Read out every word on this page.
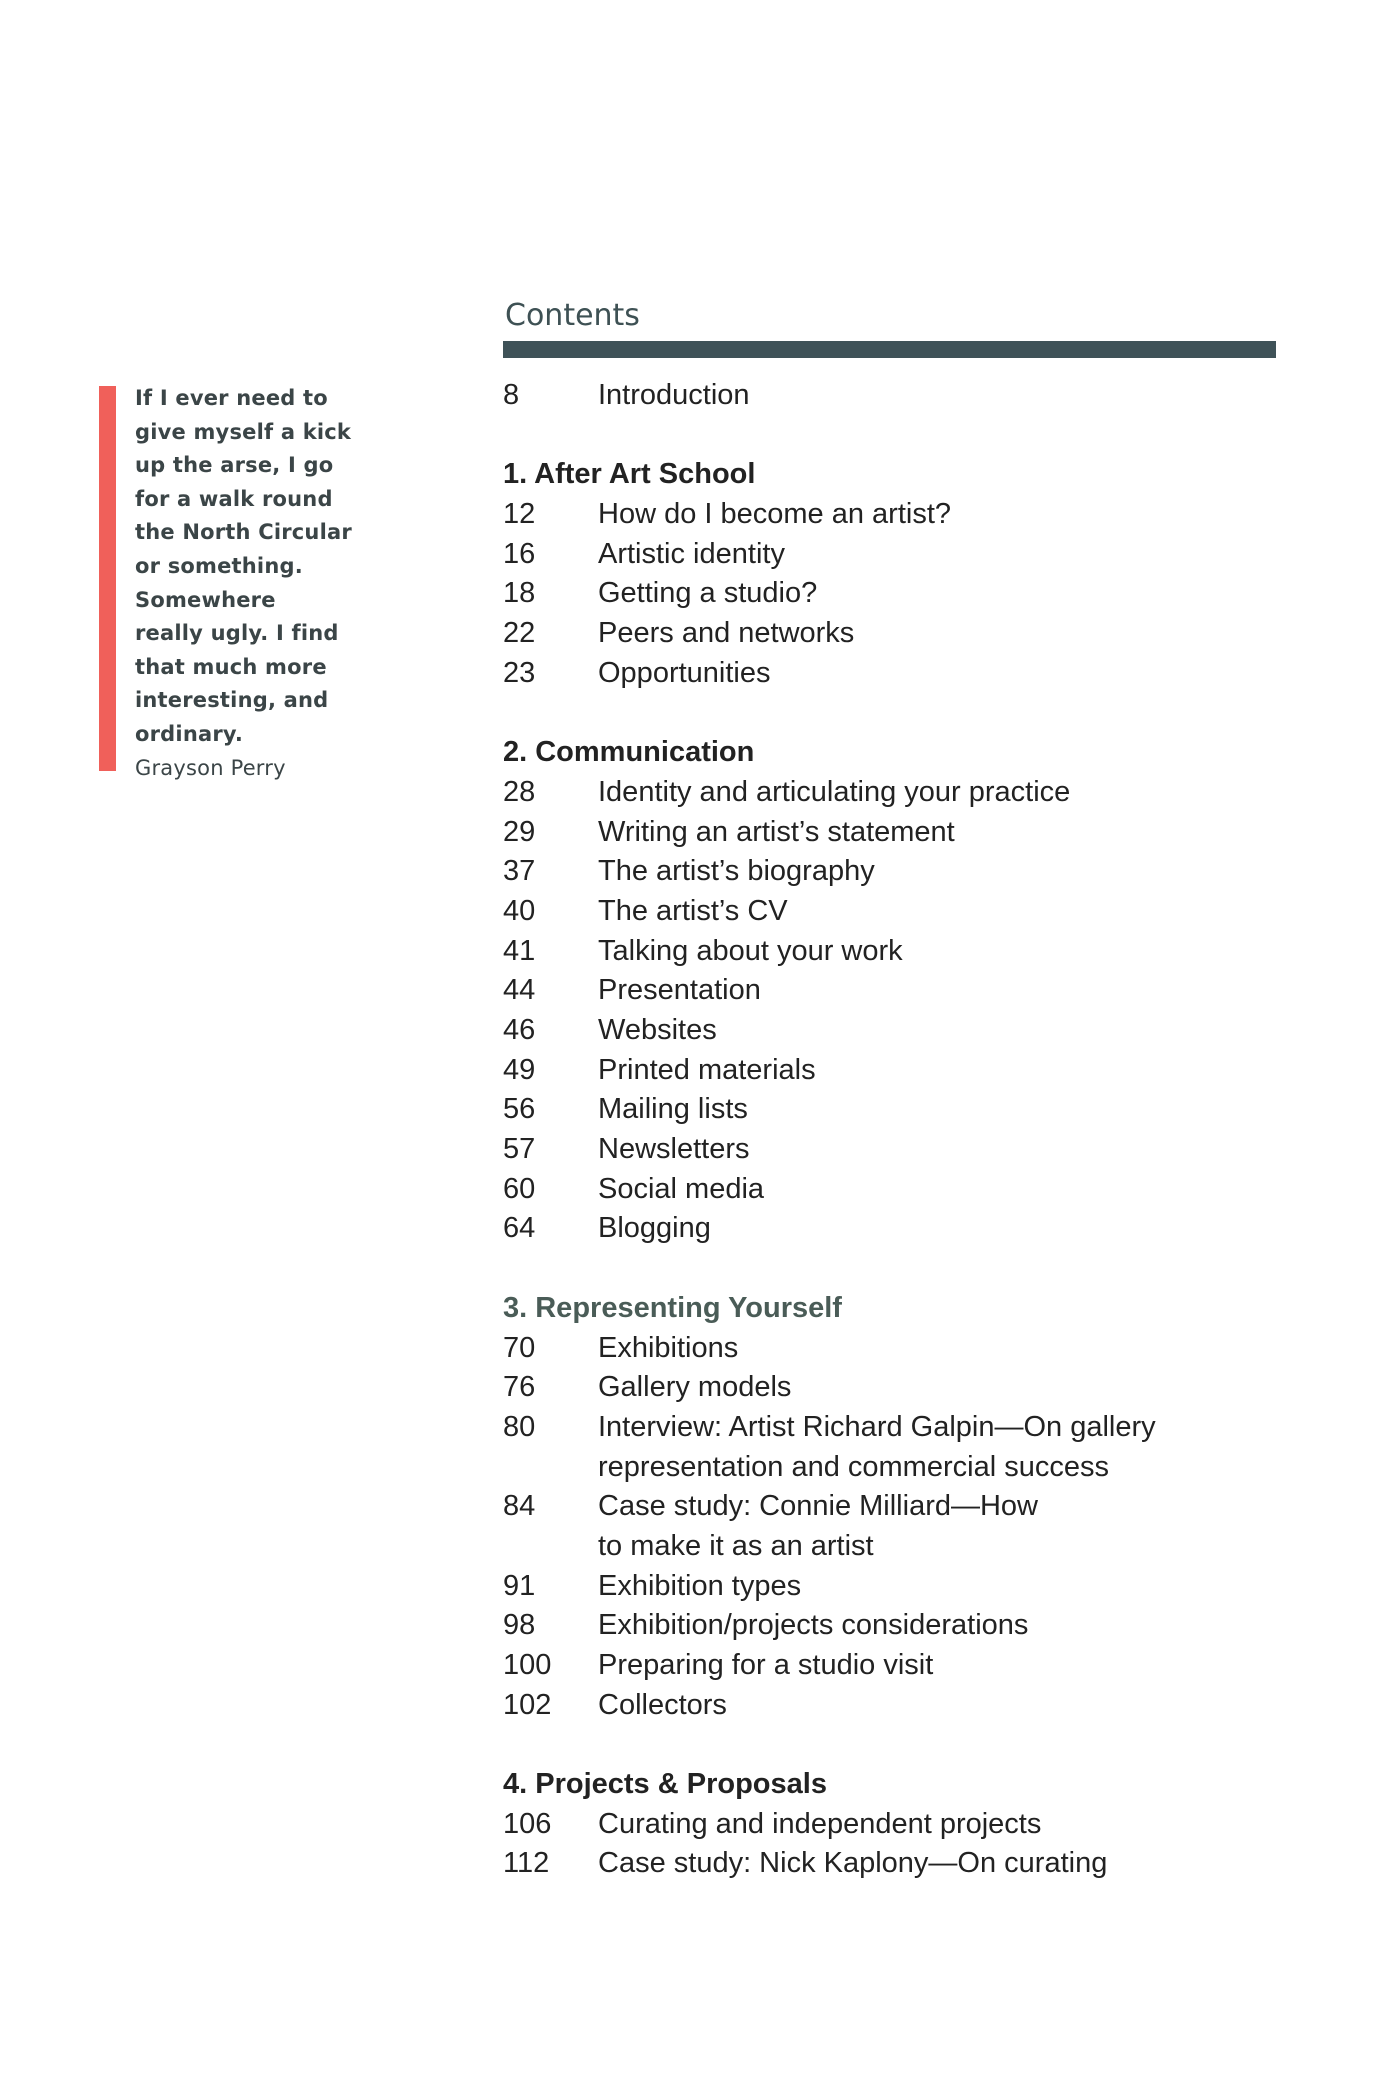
If I ever need to
give myself a kick
up the arse, I go
for a walk round
the North Circular
or something.
Somewhere
really ugly. I find
that much more
interesting, and
ordinary.
Grayson Perry
Contents
8	Introduction
1. After Art School
12	How do I become an artist?
16	Artistic identity
18	Getting a studio?
22	Peers and networks
23	Opportunities
2. Communication
28	Identity and articulating your practice
29	Writing an artist’s statement
37	The artist’s biography
40	The artist’s CV
41	Talking about your work
44	Presentation
46	Websites
49	Printed materials
56	Mailing lists
57	Newsletters
60	Social media
64	Blogging
3. Representing Yourself
70	Exhibitions
76	Gallery models
80	Interview: Artist Richard Galpin—On gallery
representation and commercial success
84	Case study: Connie Milliard—How
to make it as an artist
91	Exhibition types
98	Exhibition/projects considerations
100	Preparing for a studio visit
102	Collectors
4. Projects & Proposals
106	Curating and independent projects
112	Case study: Nick Kaplony—On curating
